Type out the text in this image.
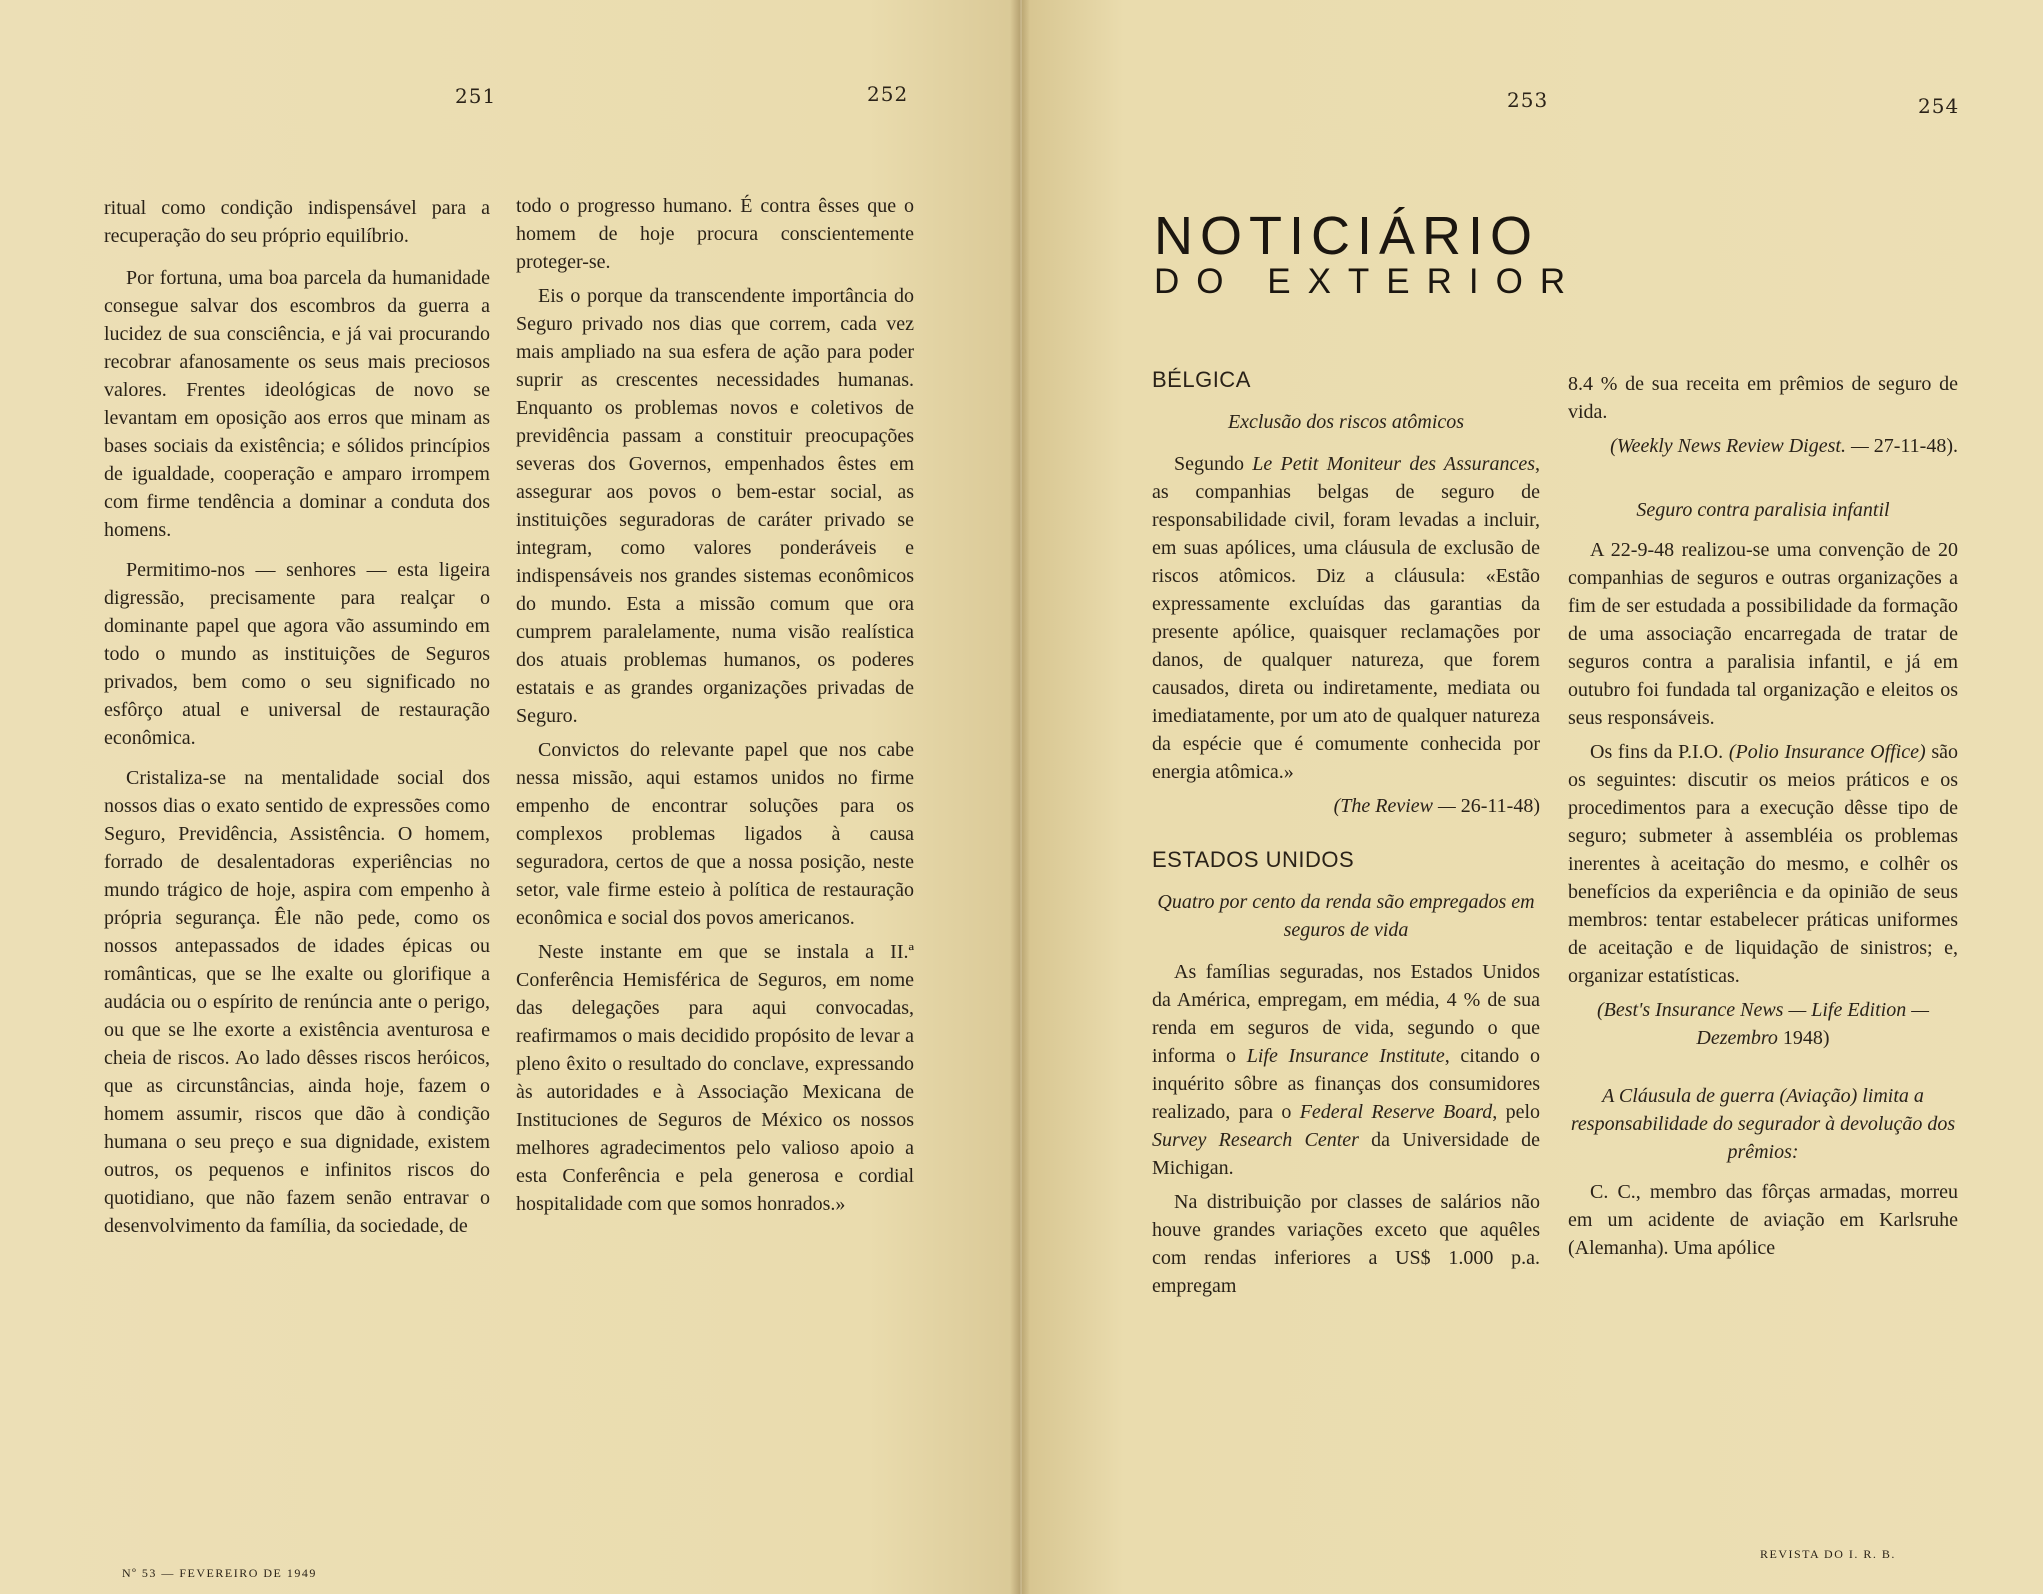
251	252	253	254

ritual como condição indispensável para a recuperação do seu próprio equilíbrio.

Por fortuna, uma boa parcela da humanidade consegue salvar dos escombros da guerra a lucidez de sua consciência, e já vai procurando recobrar afanosamente os seus mais preciosos valores. Frentes ideológicas de novo se levantam em oposição aos erros que minam as bases sociais da existência; e sólidos princípios de igualdade, cooperação e amparo irrompem com firme tendência a dominar a conduta dos homens.

Permitimo-nos — senhores — esta ligeira digressão, precisamente para realçar o dominante papel que agora vão assumindo em todo o mundo as instituições de Seguros privados, bem como o seu significado no esfôrço atual e universal de restauração econômica.

Cristaliza-se na mentalidade social dos nossos dias o exato sentido de expressões como Seguro, Previdência, Assistência. O homem, forrado de desalentadoras experiências no mundo trágico de hoje, aspira com empenho à própria segurança. Êle não pede, como os nossos antepassados de idades épicas ou românticas, que se lhe exalte ou glorifique a audácia ou o espírito de renúncia ante o perigo, ou que se lhe exorte a existência aventurosa e cheia de riscos. Ao lado dêsses riscos heróicos, que as circunstâncias, ainda hoje, fazem o homem assumir, riscos que dão à condição humana o seu preço e sua dignidade, existem outros, os pequenos e infinitos riscos do quotidiano, que não fazem senão entravar o desenvolvimento da família, da sociedade, de

todo o progresso humano. É contra êsses que o homem de hoje procura conscientemente proteger-se.

Eis o porque da transcendente importância do Seguro privado nos dias que correm, cada vez mais ampliado na sua esfera de ação para poder suprir as crescentes necessidades humanas. Enquanto os problemas novos e coletivos de previdência passam a constituir preocupações severas dos Governos, empenhados êstes em assegurar aos povos o bem-estar social, as instituições seguradoras de caráter privado se integram, como valores ponderáveis e indispensáveis nos grandes sistemas econômicos do mundo. Esta a missão comum que ora cumprem paralelamente, numa visão realística dos atuais problemas humanos, os poderes estatais e as grandes organizações privadas de Seguro.

Convictos do relevante papel que nos cabe nessa missão, aqui estamos unidos no firme empenho de encontrar soluções para os complexos problemas ligados à causa seguradora, certos de que a nossa posição, neste setor, vale firme esteio à política de restauração econômica e social dos povos americanos.

Neste instante em que se instala a II.ª Conferência Hemisférica de Seguros, em nome das delegações para aqui convocadas, reafirmamos o mais decidido propósito de levar a pleno êxito o resultado do conclave, expressando às autoridades e à Associação Mexicana de Instituciones de Seguros de México os nossos melhores agradecimentos pelo valioso apoio a esta Conferência e pela generosa e cordial hospitalidade com que somos honrados.»

NOTICIÁRIO
DO EXTERIOR
BÉLGICA
Exclusão dos riscos atômicos

Segundo Le Petit Moniteur des Assurances, as companhias belgas de seguro de responsabilidade civil, foram levadas a incluir, em suas apólices, uma cláusula de exclusão de riscos atômicos. Diz a cláusula: «Estão expressamente excluídas das garantias da presente apólice, quaisquer reclamações por danos, de qualquer natureza, que forem causados, direta ou indiretamente, mediata ou imediatamente, por um ato de qualquer natureza da espécie que é comumente conhecida por energia atômica.»

(The Review — 26-11-48)

ESTADOS UNIDOS
Quatro por cento da renda são empregados em seguros de vida

As famílias seguradas, nos Estados Unidos da América, empregam, em média, 4 % de sua renda em seguros de vida, segundo o que informa o Life Insurance Institute, citando o inquérito sôbre as finanças dos consumidores realizado, para o Federal Reserve Board, pelo Survey Research Center da Universidade de Michigan.

Na distribuição por classes de salários não houve grandes variações exceto que aquêles com rendas inferiores a US$ 1.000 p.a. empregam

8.4 % de sua receita em prêmios de seguro de vida.

(Weekly News Review Digest. — 27-11-48).

Seguro contra paralisia infantil

A 22-9-48 realizou-se uma convenção de 20 companhias de seguros e outras organizações a fim de ser estudada a possibilidade da formação de uma associação encarregada de tratar de seguros contra a paralisia infantil, e já em outubro foi fundada tal organização e eleitos os seus responsáveis.

Os fins da P.I.O. (Polio Insurance Office) são os seguintes: discutir os meios práticos e os procedimentos para a execução dêsse tipo de seguro; submeter à assembléia os problemas inerentes à aceitação do mesmo, e colhêr os benefícios da experiência e da opinião de seus membros: tentar estabelecer práticas uniformes de aceitação e de liquidação de sinistros; e, organizar estatísticas.

(Best's Insurance News — Life Edition — Dezembro 1948)

A Cláusula de guerra (Aviação) limita a responsabilidade do segurador à devolução dos prêmios:

C. C., membro das fôrças armadas, morreu em um acidente de aviação em Karlsruhe (Alemanha). Uma apólice

Nº 53 — FEVEREIRO DE 1949
REVISTA DO I. R. B.
